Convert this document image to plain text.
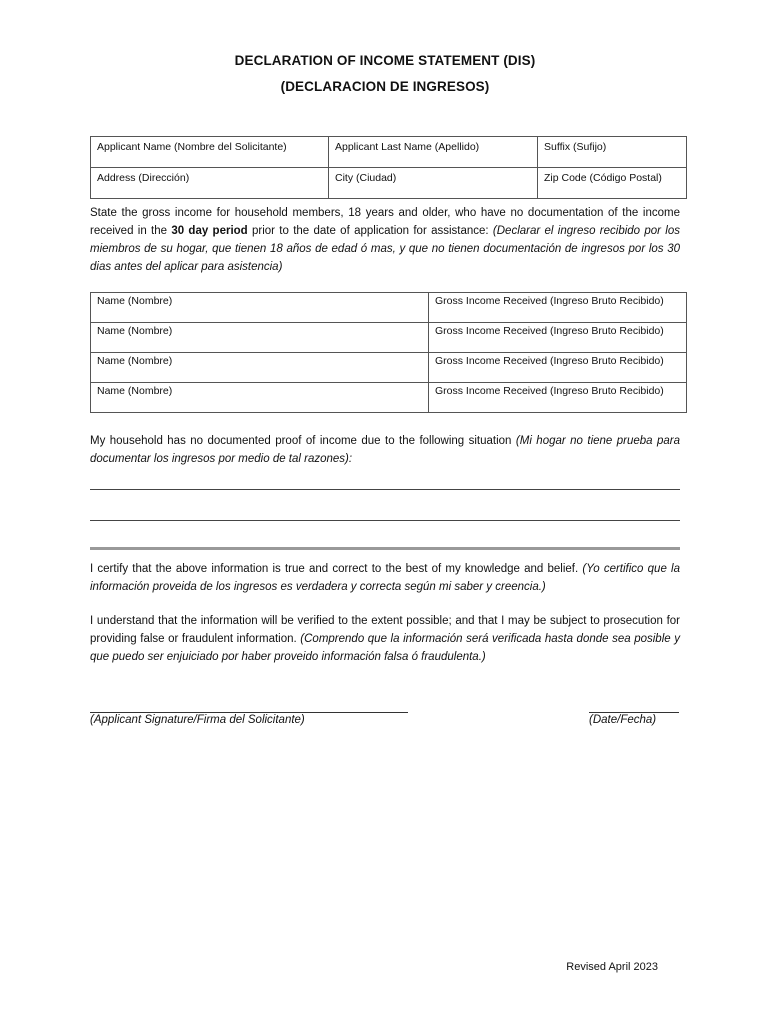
DECLARATION OF INCOME STATEMENT (DIS)
(DECLARACION DE INGRESOS)
Applicant Name (Nombre del Solicitante)	Applicant Last Name (Apellido)	Suffix (Sufijo)
Address (Dirección)	City (Ciudad)	Zip Code (Código Postal)

State the gross income for household members, 18 years and older, who have no documentation of the income received in the 30 day period prior to the date of application for assistance: (Declarar el ingreso recibido por los miembros de su hogar, que tienen 18 años de edad ó mas, y que no tienen documentación de ingresos por los 30 dias antes del aplicar para asistencia)

Name (Nombre)	Gross Income Received (Ingreso Bruto Recibido)
Name (Nombre)	Gross Income Received (Ingreso Bruto Recibido)
Name (Nombre)	Gross Income Received (Ingreso Bruto Recibido)
Name (Nombre)	Gross Income Received (Ingreso Bruto Recibido)

My household has no documented proof of income due to the following situation (Mi hogar no tiene prueba para documentar los ingresos por medio de tal razones):

I certify that the above information is true and correct to the best of my knowledge and belief. (Yo certifico que la información proveida de los ingresos es verdadera y correcta según mi saber y creencia.)

I understand that the information will be verified to the extent possible; and that I may be subject to prosecution for providing false or fraudulent information. (Comprendo que la información será verificada hasta donde sea posible y que puedo ser enjuiciado por haber proveido información falsa ó fraudulenta.)

(Applicant Signature/Firma del Solicitante)	(Date/Fecha)
Revised April 2023
